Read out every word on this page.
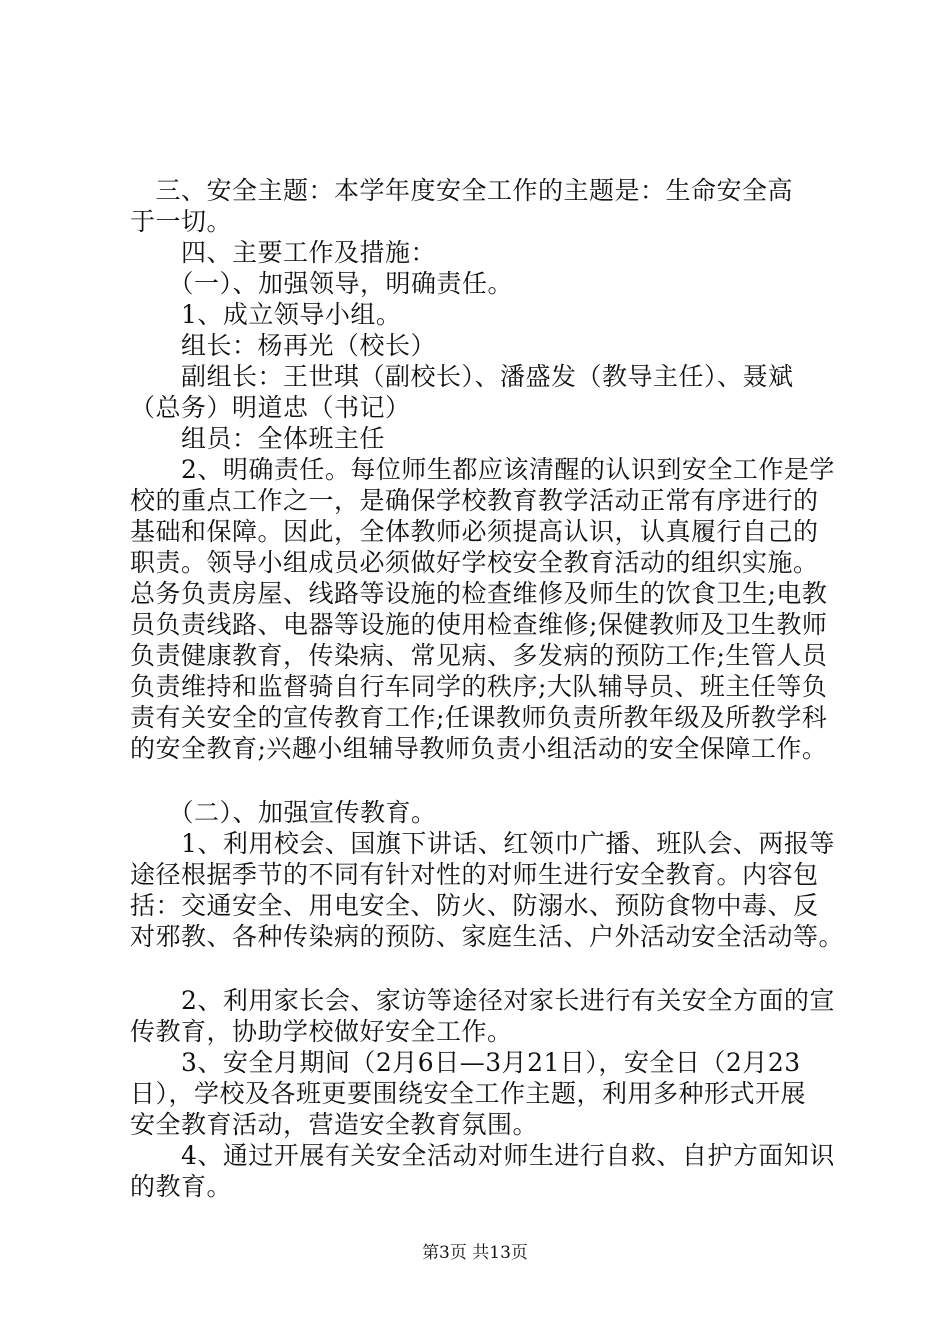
　三、安全主题：本学年度安全工作的主题是：生命安全高
于一切。
　　四、主要工作及措施：
　　（一）、加强领导，明确责任。
　　1、成立领导小组。
　　组长：杨再光（校长）
　　副组长：王世琪（副校长）、潘盛发（教导主任）、聂斌
（总务）明道忠（书记）
　　组员：全体班主任
　　2、明确责任。每位师生都应该清醒的认识到安全工作是学
校的重点工作之一，是确保学校教育教学活动正常有序进行的
基础和保障。因此，全体教师必须提高认识，认真履行自己的
职责。领导小组成员必须做好学校安全教育活动的组织实施。
总务负责房屋、线路等设施的检查维修及师生的饮食卫生;电教
员负责线路、电器等设施的使用检查维修;保健教师及卫生教师
负责健康教育，传染病、常见病、多发病的预防工作;生管人员
负责维持和监督骑自行车同学的秩序;大队辅导员、班主任等负
责有关安全的宣传教育工作;任课教师负责所教年级及所教学科
的安全教育;兴趣小组辅导教师负责小组活动的安全保障工作。
　　（二）、加强宣传教育。
　　1、利用校会、国旗下讲话、红领巾广播、班队会、两报等
途径根据季节的不同有针对性的对师生进行安全教育。内容包
括：交通安全、用电安全、防火、防溺水、预防食物中毒、反
对邪教、各种传染病的预防、家庭生活、户外活动安全活动等。
　　2、利用家长会、家访等途径对家长进行有关安全方面的宣
传教育，协助学校做好安全工作。
　　3、安全月期间（2月6日—3月21日），安全日（2月23
日），学校及各班更要围绕安全工作主题，利用多种形式开展
安全教育活动，营造安全教育氛围。
　　4、通过开展有关安全活动对师生进行自救、自护方面知识
的教育。
第3页 共13页
